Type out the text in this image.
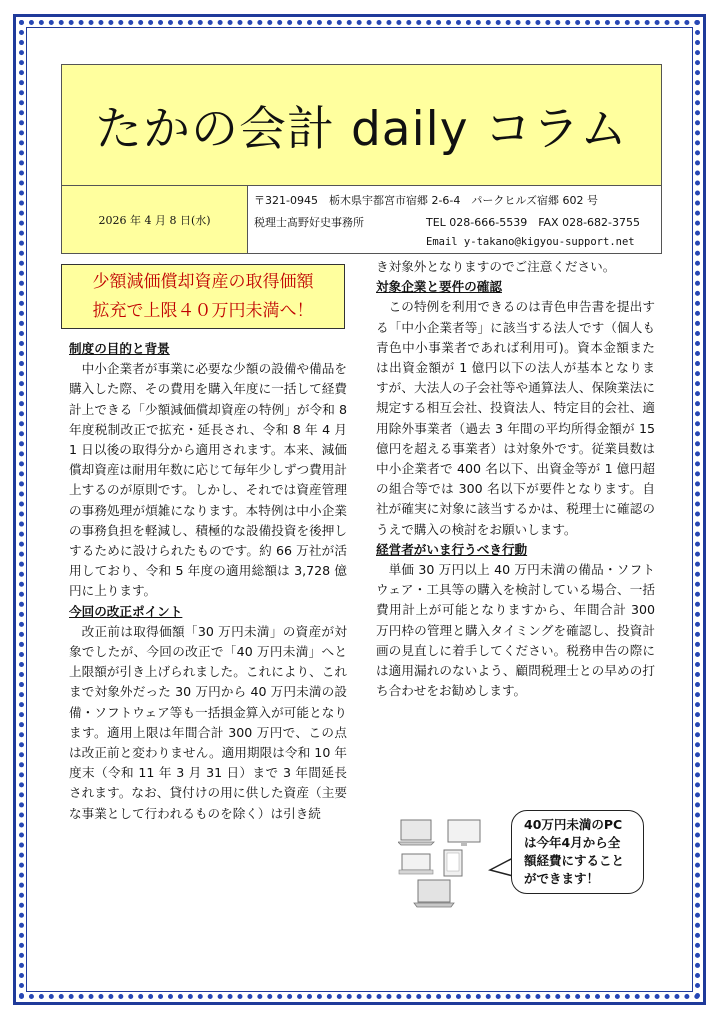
たかの会計 daily コラム
2026 年 4 月 8 日(水)
〒321-0945　栃木県宇都宮市宿郷 2-6-4　パークヒルズ宿郷 602 号
税理士髙野好史事務所	TEL 028-666-5539　FAX 028-682-3755
Email y-takano@kigyou-support.net
少額減価償却資産の取得価額
拡充で上限４０万円未満へ！

制度の目的と背景

中小企業者が事業に必要な少額の設備や備品を購入した際、その費用を購入年度に一括して経費計上できる「少額減価償却資産の特例」が令和 8 年度税制改正で拡充・延長され、令和 8 年 4 月 1 日以後の取得分から適用されます。本来、減価償却資産は耐用年数に応じて毎年少しずつ費用計上するのが原則です。しかし、それでは資産管理の事務処理が煩雑になります。本特例は中小企業の事務負担を軽減し、積極的な設備投資を後押しするために設けられたものです。約 66 万社が活用しており、令和 5 年度の適用総額は 3,728 億円に上ります。

今回の改正ポイント

改正前は取得価額「30 万円未満」の資産が対象でしたが、今回の改正で「40 万円未満」へと上限額が引き上げられました。これにより、これまで対象外だった 30 万円から 40 万円未満の設備・ソフトウェア等も一括損金算入が可能となります。適用上限は年間合計 300 万円で、この点は改正前と変わりません。適用期限は令和 10 年度末（令和 11 年 3 月 31 日）まで 3 年間延長されます。なお、貸付けの用に供した資産（主要な事業として行われるものを除く）は引き続

き対象外となりますのでご注意ください。

対象企業と要件の確認

この特例を利用できるのは青色申告書を提出する「中小企業者等」に該当する法人です（個人も青色中小事業者であれば利用可)。資本金額または出資金額が 1 億円以下の法人が基本となりますが、大法人の子会社等や通算法人、保険業法に規定する相互会社、投資法人、特定目的会社、適用除外事業者（過去 3 年間の平均所得金額が 15 億円を超える事業者）は対象外です。従業員数は中小企業者で 400 名以下、出資金等が 1 億円超の組合等では 300 名以下が要件となります。自社が確実に対象に該当するかは、税理士に確認のうえで購入の検討をお願いします。

経営者がいま行うべき行動

単価 30 万円以上 40 万円未満の備品・ソフトウェア・工具等の購入を検討している場合、一括費用計上が可能となりますから、年間合計 300 万円枠の管理と購入タイミングを確認し、投資計画の見直しに着手してください。税務申告の際には適用漏れのないよう、顧問税理士との早めの打ち合わせをお勧めします。

40万円未満のPC
は今年4月から全
額経費にすること
ができます！
